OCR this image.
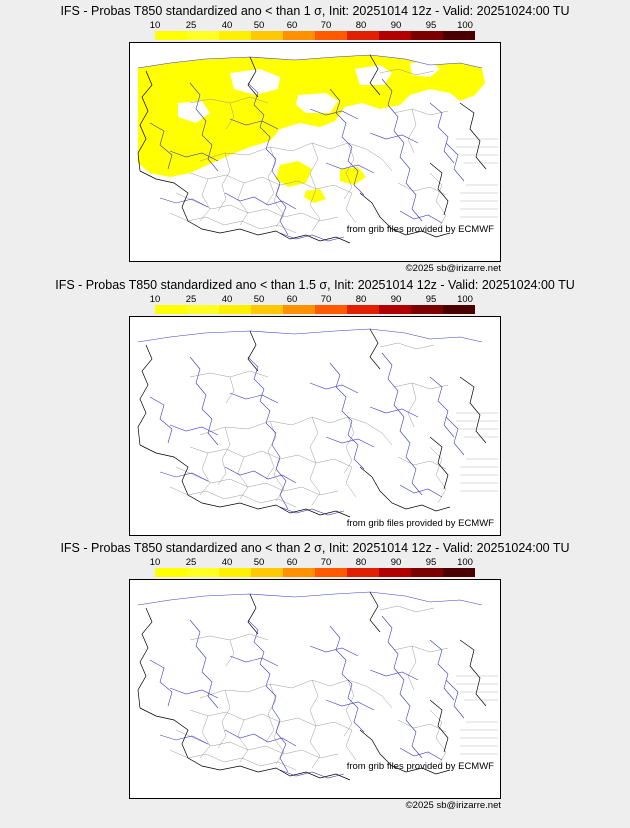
IFS - Probas T850 standardized ano < than 1 σ, Init: 20251014 12z - Valid: 20251024:00 TU
10	25	40 50 60 70	80	90	95 100
from grib files provided by ECMWF
©2025 sb@irizarre.net
IFS - Probas T850 standardized ano < than 1.5 σ, Init: 20251014 12z - Valid: 20251024:00 TU
10	25	40 50 60 70	80	90	95 100
from grib files provided by ECMWF
IFS - Probas T850 standardized ano < than 2 σ, Init: 20251014 12z - Valid: 20251024:00 TU
10	25	40 50 60 70	80	90	95 100
from grib files provided by ECMWF
©2025 sb@irizarre.net
